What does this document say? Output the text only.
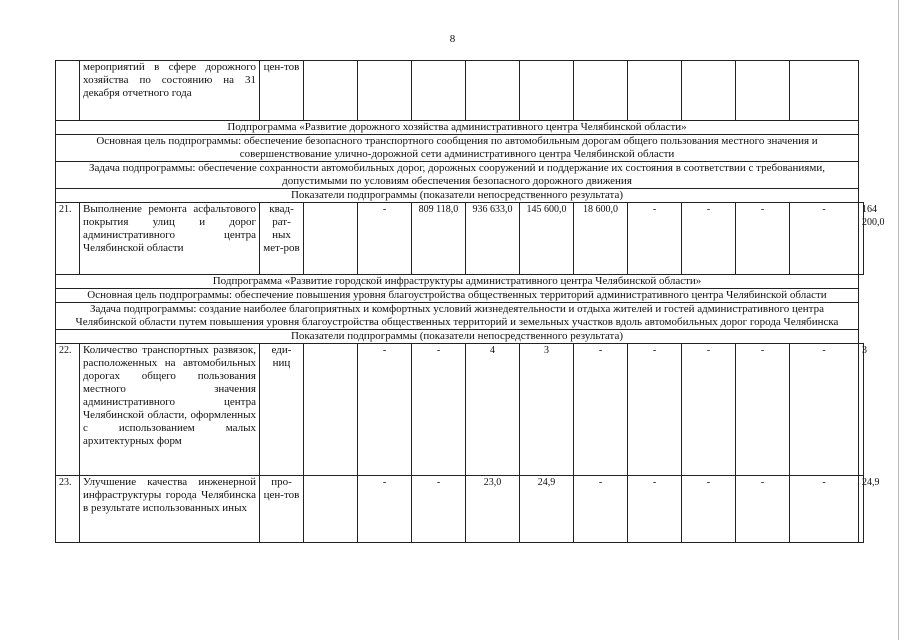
8
	мероприятий в сфере дорожного хозяйства по состоянию на 31 декабря отчетного года	цен-тов											
Подпрограмма «Развитие дорожного хозяйства административного центра Челябинской области»													
Основная цель подпрограммы: обеспечение безопасного транспортного сообщения по автомобильным дорогам общего пользования местного значения и совершенствование улично-дорожной сети административного центра Челябинской области													
Задача подпрограммы: обеспечение сохранности автомобильных дорог, дорожных сооружений и поддержание их состояния в соответствии с требованиями, допустимыми по условиям обеспечения безопасного дорожного движения													
Показатели подпрограммы (показатели непосредственного результата)													
21.	Выполнение ремонта асфальтового покрытия улиц и дорог административного центра Челябинской области	квад-рат-ных мет-ров		-	809 118,0	936 633,0	145 600,0	18 600,0	-	-	-	-	164 200,0
Подпрограмма «Развитие городской инфраструктуры административного центра Челябинской области»													
Основная цель подпрограммы: обеспечение повышения уровня благоустройства общественных территорий административного центра Челябинской области													
Задача подпрограммы: создание наиболее благоприятных и комфортных условий жизнедеятельности и отдыха жителей и гостей административного центра Челябинской области путем повышения уровня благоустройства общественных территорий и земельных участков вдоль автомобильных дорог города Челябинска													
Показатели подпрограммы (показатели непосредственного результата)													
22.	Количество транспортных развязок, расположенных на автомобильных дорогах общего пользования местного значения административного центра Челябинской области, оформленных с использованием малых архитектурных форм	еди-ниц		-	-	4	3	-	-	-	-	-	3
23.	Улучшение качества инженерной инфраструктуры города Челябинска в результате использованных иных	про-цен-тов		-	-	23,0	24,9	-	-	-	-	-	24,9
